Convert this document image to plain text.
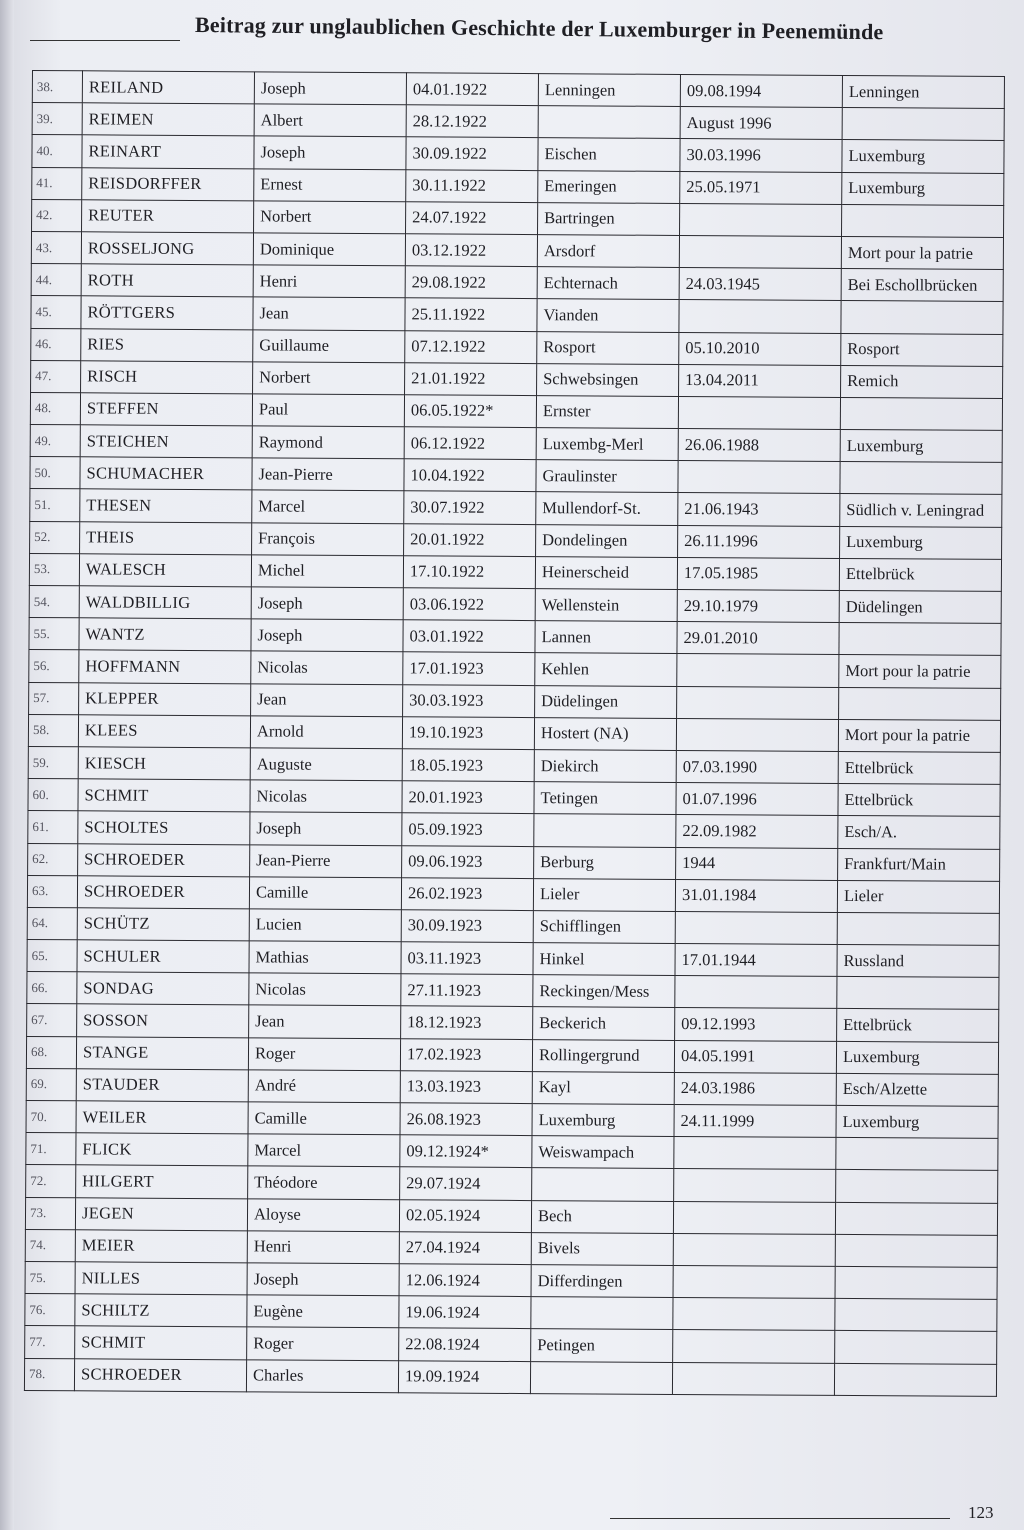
Beitrag zur unglaublichen Geschichte der Luxemburger in Peenemünde
38.	REILAND	Joseph	04.01.1922	Lenningen	09.08.1994	Lenningen
39.	REIMEN	Albert	28.12.1922		August 1996	
40.	REINART	Joseph	30.09.1922	Eischen	30.03.1996	Luxemburg
41.	REISDORFFER	Ernest	30.11.1922	Emeringen	25.05.1971	Luxemburg
42.	REUTER	Norbert	24.07.1922	Bartringen		
43.	ROSSELJONG	Dominique	03.12.1922	Arsdorf		Mort pour la patrie
44.	ROTH	Henri	29.08.1922	Echternach	24.03.1945	Bei Eschollbrücken
45.	RÖTTGERS	Jean	25.11.1922	Vianden		
46.	RIES	Guillaume	07.12.1922	Rosport	05.10.2010	Rosport
47.	RISCH	Norbert	21.01.1922	Schwebsingen	13.04.2011	Remich
48.	STEFFEN	Paul	06.05.1922*	Ernster		
49.	STEICHEN	Raymond	06.12.1922	Luxembg-Merl	26.06.1988	Luxemburg
50.	SCHUMACHER	Jean-Pierre	10.04.1922	Graulinster		
51.	THESEN	Marcel	30.07.1922	Mullendorf-St.	21.06.1943	Südlich v. Leningrad
52.	THEIS	François	20.01.1922	Dondelingen	26.11.1996	Luxemburg
53.	WALESCH	Michel	17.10.1922	Heinerscheid	17.05.1985	Ettelbrück
54.	WALDBILLIG	Joseph	03.06.1922	Wellenstein	29.10.1979	Düdelingen
55.	WANTZ	Joseph	03.01.1922	Lannen	29.01.2010	
56.	HOFFMANN	Nicolas	17.01.1923	Kehlen		Mort pour la patrie
57.	KLEPPER	Jean	30.03.1923	Düdelingen		
58.	KLEES	Arnold	19.10.1923	Hostert (NA)		Mort pour la patrie
59.	KIESCH	Auguste	18.05.1923	Diekirch	07.03.1990	Ettelbrück
60.	SCHMIT	Nicolas	20.01.1923	Tetingen	01.07.1996	Ettelbrück
61.	SCHOLTES	Joseph	05.09.1923		22.09.1982	Esch/A.
62.	SCHROEDER	Jean-Pierre	09.06.1923	Berburg	1944	Frankfurt/Main
63.	SCHROEDER	Camille	26.02.1923	Lieler	31.01.1984	Lieler
64.	SCHÜTZ	Lucien	30.09.1923	Schifflingen		
65.	SCHULER	Mathias	03.11.1923	Hinkel	17.01.1944	Russland
66.	SONDAG	Nicolas	27.11.1923	Reckingen/Mess		
67.	SOSSON	Jean	18.12.1923	Beckerich	09.12.1993	Ettelbrück
68.	STANGE	Roger	17.02.1923	Rollingergrund	04.05.1991	Luxemburg
69.	STAUDER	André	13.03.1923	Kayl	24.03.1986	Esch/Alzette
70.	WEILER	Camille	26.08.1923	Luxemburg	24.11.1999	Luxemburg
71.	FLICK	Marcel	09.12.1924*	Weiswampach		
72.	HILGERT	Théodore	29.07.1924			
73.	JEGEN	Aloyse	02.05.1924	Bech		
74.	MEIER	Henri	27.04.1924	Bivels		
75.	NILLES	Joseph	12.06.1924	Differdingen		
76.	SCHILTZ	Eugène	19.06.1924			
77.	SCHMIT	Roger	22.08.1924	Petingen		
78.	SCHROEDER	Charles	19.09.1924			
123
